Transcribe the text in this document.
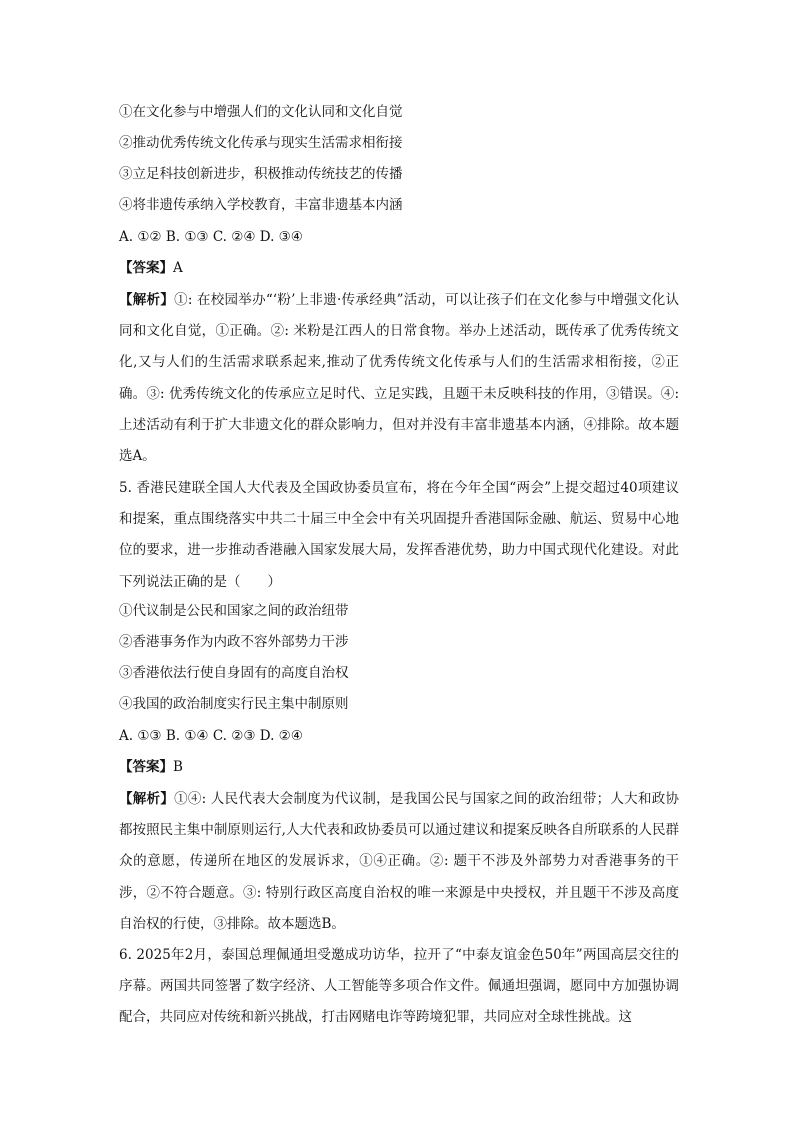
①在文化参与中增强人们的文化认同和文化自觉
②推动优秀传统文化传承与现实生活需求相衔接
③立足科技创新进步，积极推动传统技艺的传播
④将非遗传承纳入学校教育，丰富非遗基本内涵
A. ①② B. ①③ C. ②④ D. ③④
【答案】A
【解析】①: 在校园举办“‘粉’上非遗·传承经典”活动，可以让孩子们在文化参与中增强文化认同和文化自觉，①正确。②: 米粉是江西人的日常食物。举办上述活动，既传承了优秀传统文化,又与人们的生活需求联系起来,推动了优秀传统文化传承与人们的生活需求相衔接，②正确。③: 优秀传统文化的传承应立足时代、立足实践，且题干未反映科技的作用，③错误。④: 上述活动有利于扩大非遗文化的群众影响力，但对并没有丰富非遗基本内涵，④排除。故本题选A。
5. 香港民建联全国人大代表及全国政协委员宣布，将在今年全国“两会”上提交超过40项建议和提案，重点围绕落实中共二十届三中全会中有关巩固提升香港国际金融、航运、贸易中心地位的要求，进一步推动香港融入国家发展大局，发挥香港优势，助力中国式现代化建设。对此下列说法正确的是（　　）
①代议制是公民和国家之间的政治纽带
②香港事务作为内政不容外部势力干涉
③香港依法行使自身固有的高度自治权
④我国的政治制度实行民主集中制原则
A. ①③ B. ①④ C. ②③ D. ②④
【答案】B
【解析】①④: 人民代表大会制度为代议制，是我国公民与国家之间的政治纽带；人大和政协都按照民主集中制原则运行,人大代表和政协委员可以通过建议和提案反映各自所联系的人民群众的意愿，传递所在地区的发展诉求，①④正确。②: 题干不涉及外部势力对香港事务的干涉，②不符合题意。③: 特别行政区高度自治权的唯一来源是中央授权，并且题干不涉及高度自治权的行使，③排除。故本题选B。
6. 2025年2月，泰国总理佩通坦受邀成功访华，拉开了“中泰友谊金色50年”两国高层交往的序幕。两国共同签署了数字经济、人工智能等多项合作文件。佩通坦强调，愿同中方加强协调配合，共同应对传统和新兴挑战，打击网赌电诈等跨境犯罪，共同应对全球性挑战。这
